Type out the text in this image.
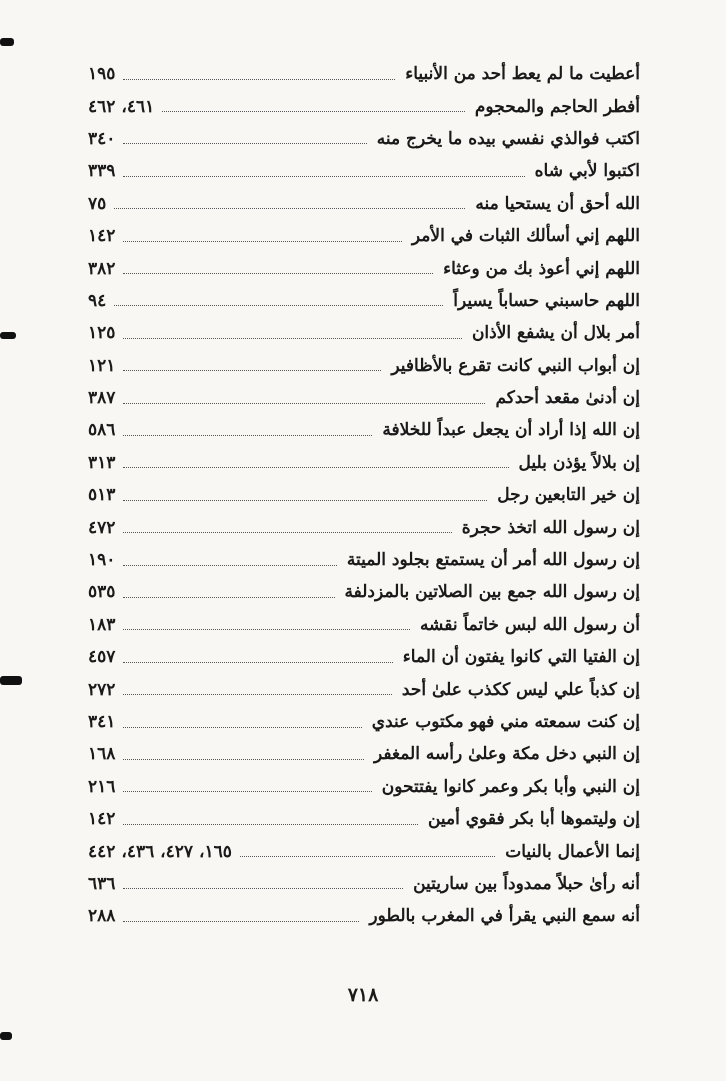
أعطيت ما لم يعط أحد من الأنبياء
١٩٥
أفطر الحاجم والمحجوم
٤٦١، ٤٦٢
اكتب فوالذي نفسي بيده ما يخرج منه
٣٤٠
اكتبوا لأبي شاه
٣٣٩
الله أحق أن يستحيا منه
٧٥
اللهم إني أسألك الثبات في الأمر
١٤٢
اللهم إني أعوذ بك من وعثاء
٣٨٢
اللهم حاسبني حساباً يسيراً
٩٤
أمر بلال أن يشفع الأذان
١٢٥
إن أبواب النبي كانت تقرع بالأظافير
١٢١
إن أدنىٰ مقعد أحدكم
٣٨٧
إن الله إذا أراد أن يجعل عبداً للخلافة
٥٨٦
إن بلالاً يؤذن بليل
٣١٣
إن خير التابعين رجل
٥١٣
إن رسول الله اتخذ حجرة
٤٧٢
إن رسول الله أمر أن يستمتع بجلود الميتة
١٩٠
إن رسول الله جمع بين الصلاتين بالمزدلفة
٥٣٥
أن رسول الله لبس خاتماً نقشه
١٨٣
إن الفتيا التي كانوا يفتون أن الماء
٤٥٧
إن كذباً علي ليس ككذب علىٰ أحد
٢٧٢
إن كنت سمعته مني فهو مكتوب عندي
٣٤١
إن النبي دخل مكة وعلىٰ رأسه المغفر
١٦٨
إن النبي وأبا بكر وعمر كانوا يفتتحون
٢١٦
إن وليتموها أبا بكر فقوي أمين
١٤٢
إنما الأعمال بالنيات
١٦٥، ٤٢٧، ٤٣٦، ٤٤٢
أنه رأىٰ حبلاً ممدوداً بين ساريتين
٦٣٦
أنه سمع النبي يقرأ في المغرب بالطور
٢٨٨
٧١٨
